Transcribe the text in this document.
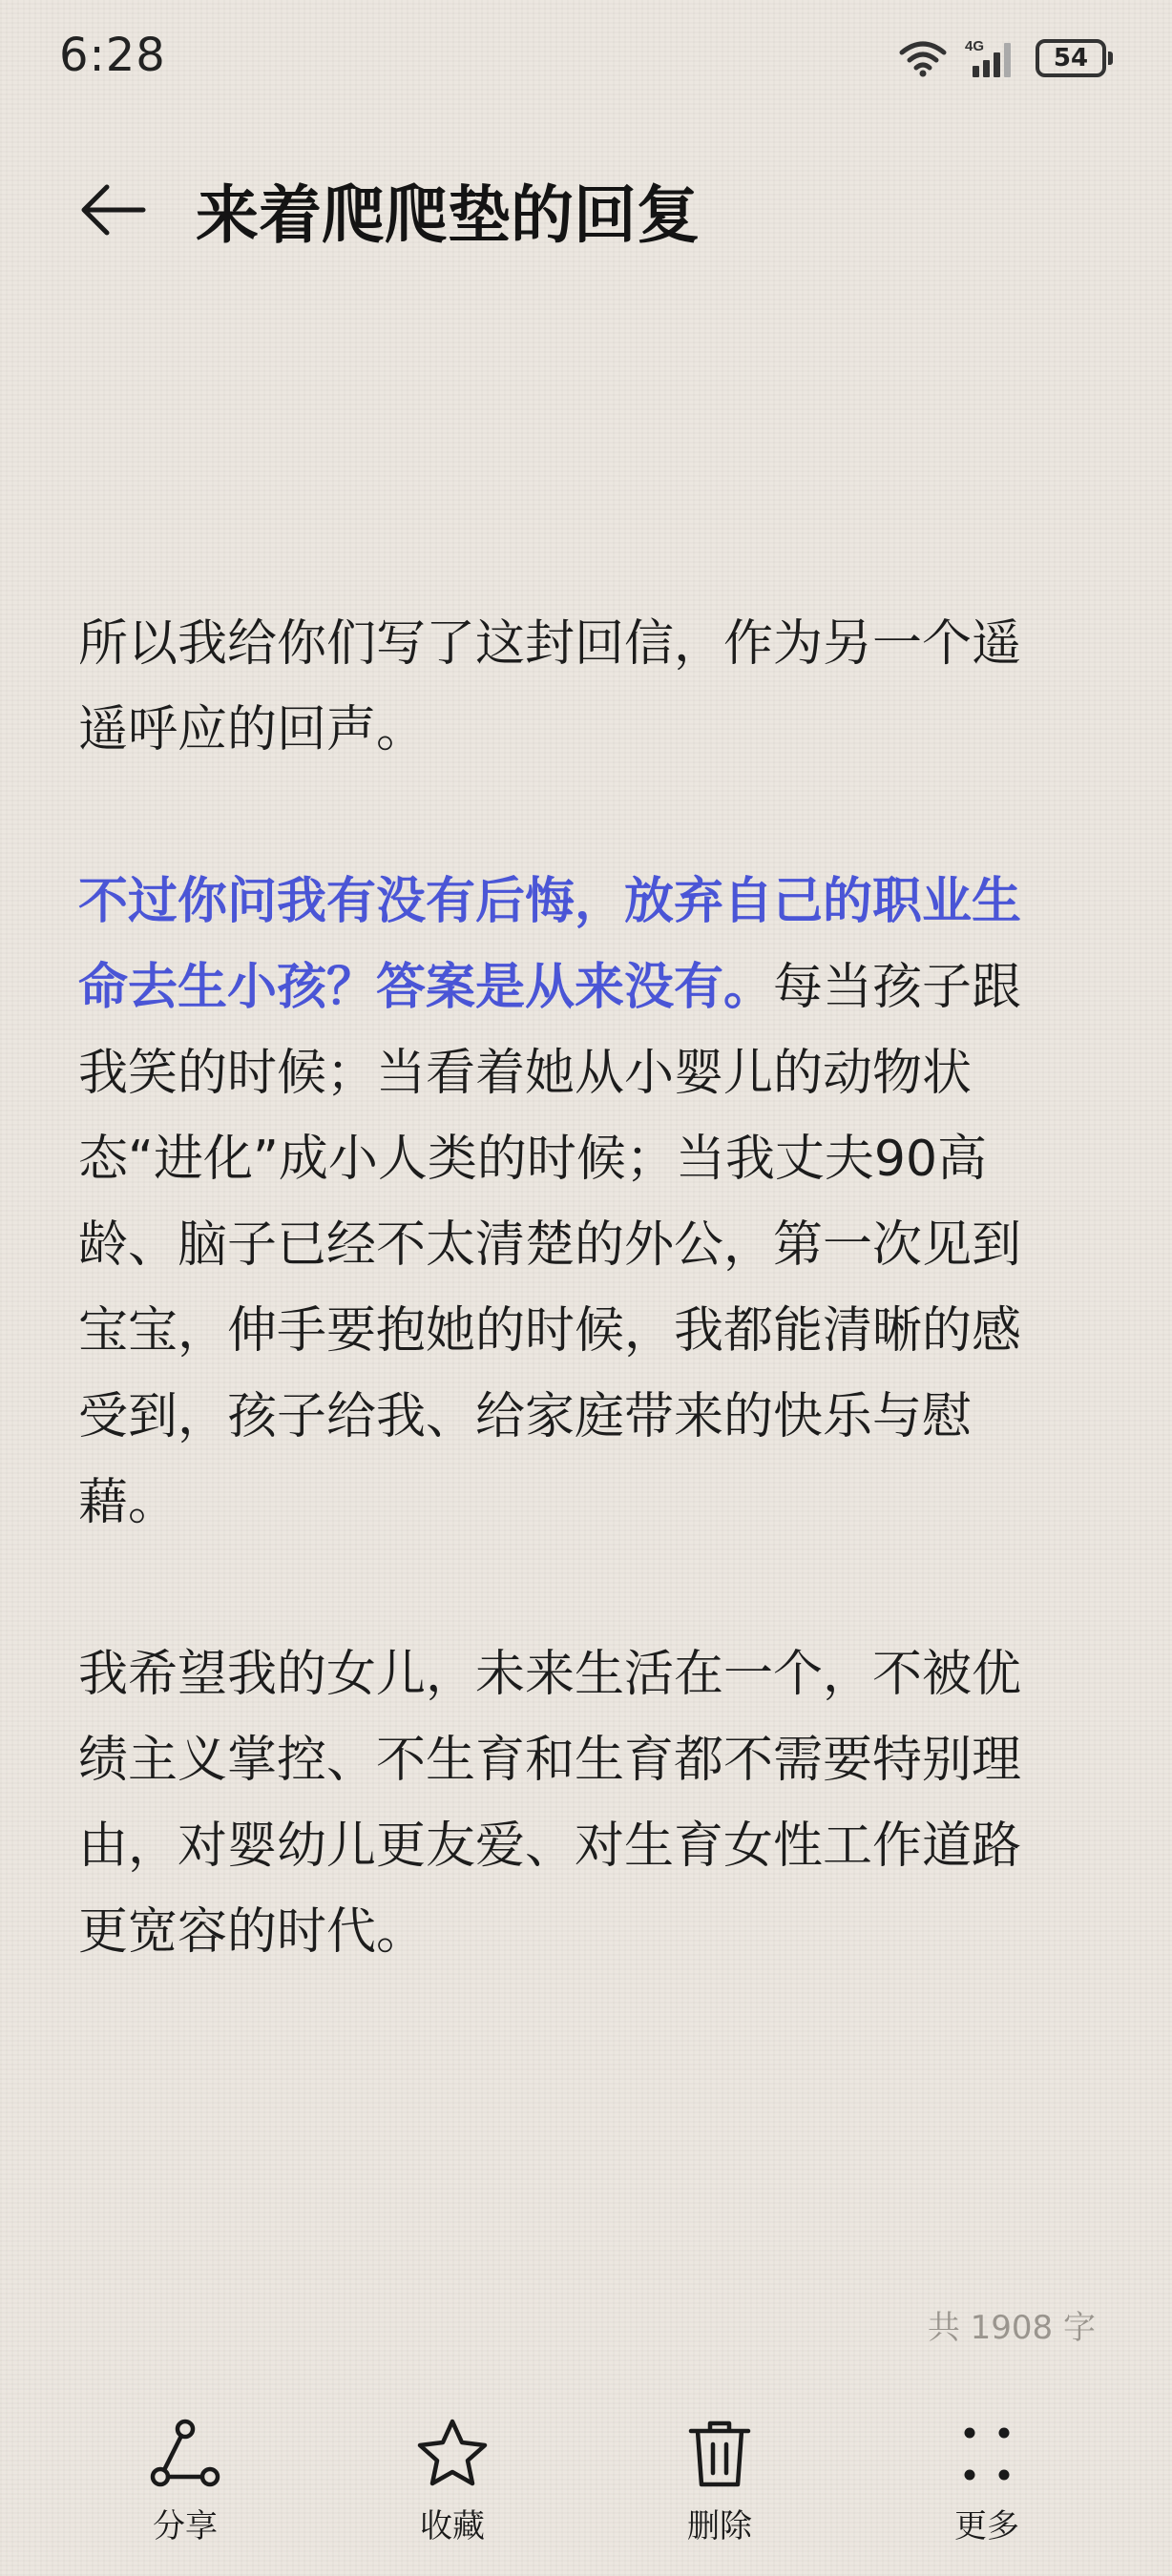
6:28	4G	54
来着爬爬垫的回复

所以我给你们写了这封回信，作为另一个遥遥呼应的回声。

不过你问我有没有后悔，放弃自己的职业生命去生小孩？答案是从来没有。每当孩子跟我笑的时候；当看着她从小婴儿的动物状态“进化”成小人类的时候；当我丈夫90高龄、脑子已经不太清楚的外公，第一次见到宝宝，伸手要抱她的时候，我都能清晰的感受到，孩子给我、给家庭带来的快乐与慰藉。

我希望我的女儿，未来生活在一个，不被优绩主义掌控、不生育和生育都不需要特别理由，对婴幼儿更友爱、对生育女性工作道路更宽容的时代。

共 1908 字
分享	收藏	删除	更多
